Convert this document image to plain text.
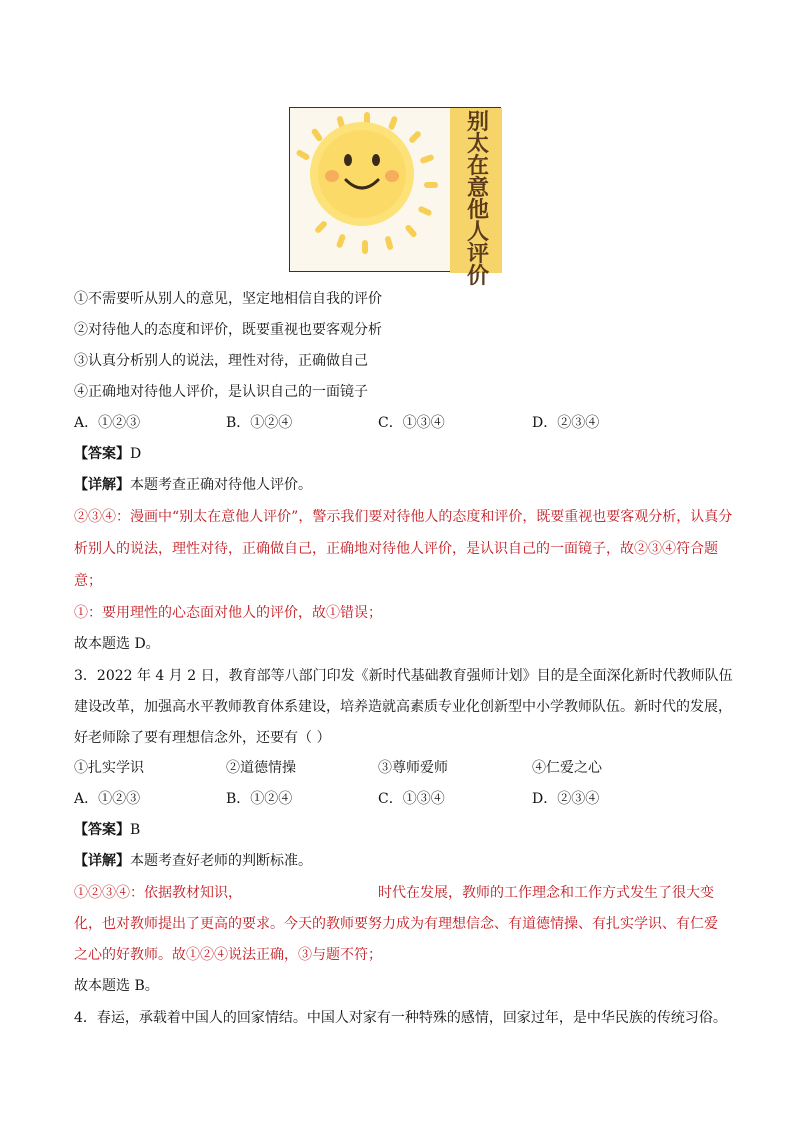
别
太
在
意
他
人
评
价
①不需要听从别人的意见，坚定地相信自我的评价
②对待他人的态度和评价，既要重视也要客观分析
③认真分析别人的说法，理性对待，正确做自己
④正确地对待他人评价，是认识自己的一面镜子
A．①②③	B．①②④	C．①③④	D．②③④
【答案】D
【详解】本题考查正确对待他人评价。
②③④：漫画中“别太在意他人评价”，警示我们要对待他人的态度和评价，既要重视也要客观分析，认真分
析别人的说法，理性对待，正确做自己，正确地对待他人评价，是认识自己的一面镜子，故②③④符合题
意；
①：要用理性的心态面对他人的评价，故①错误；
故本题选 D。
3．2022 年 4 月 2 日，教育部等八部门印发《新时代基础教育强师计划》目的是全面深化新时代教师队伍
建设改革，加强高水平教师教育体系建设，培养造就高素质专业化创新型中小学教师队伍。新时代的发展，
好老师除了要有理想信念外，还要有（ ）
①扎实学识	②道德情操	③尊师爱师	④仁爱之心
A．①②③	B．①②④	C．①③④	D．②③④
【答案】B
【详解】本题考查好老师的判断标准。
①②③④：依据教材知识，	时代在发展，教师的工作理念和工作方式发生了很大变
化，也对教师提出了更高的要求。今天的教师要努力成为有理想信念、有道德情操、有扎实学识、有仁爱
之心的好教师。故①②④说法正确，③与题不符；
故本题选 B。
4．春运，承载着中国人的回家情结。中国人对家有一种特殊的感情，回家过年，是中华民族的传统习俗。
